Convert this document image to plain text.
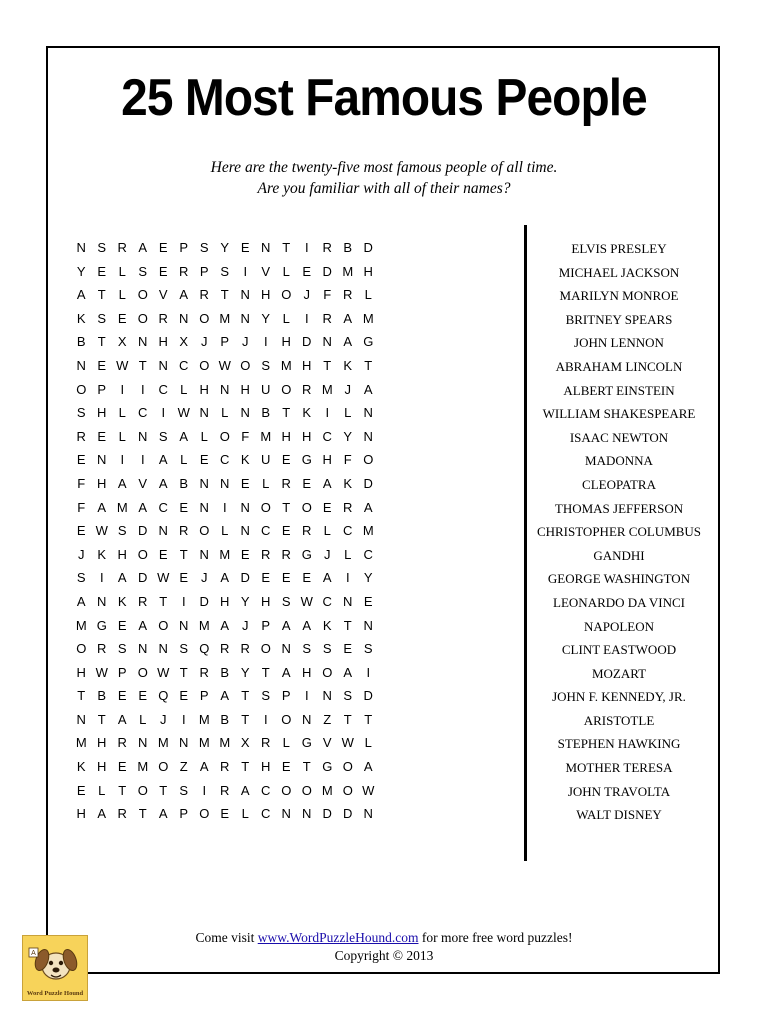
25 Most Famous People
Here are the twenty-five most famous people of all time.
Are you familiar with all of their names?
N S R A E P S Y E N T	I	R B D
Y E L S E R P S	I	V L E D M H
A T L O V A R T N H O J	F R L
K S E O R N O M N Y L	I	R A M
B T X N H X J P J	I	H D N A G
N E W T N C O W O S M H T K T
O P	I	I	C L H N H U O R M J A
S H L C	I W N L N B T K	I	L N
R E L N S A L O F M H H C Y N
E N	I	I	A L E C K U E G H F O
F H A V A B N N E L R E A K D
F A M A C E N	I	N O T O E R A
E W S D N R O L N C E R L C M
J K H O E T N M E R R G J	L C
S	I	A D W E J A D E E E A	I	Y
A N K R T	I	D H Y H S W C N E
M G E A O N M A J P A A K T N
O R S N N S Q R R O N S S E S
H W P O W T R B Y T A H O A	I
T B E E Q E P A T S P	I	N S D
N T A L	J	I	M B T	I	O N Z T T
M H R N M N M M X R L G V W L
K H E M O Z A R T H E T G O A
E L T O T S	I	R A C O O M O W
H A R T A P O E L C N N D D N
ELVIS PRESLEY
MICHAEL JACKSON
MARILYN MONROE
BRITNEY SPEARS
JOHN LENNON
ABRAHAM LINCOLN
ALBERT EINSTEIN
WILLIAM SHAKESPEARE
ISAAC NEWTON
MADONNA
CLEOPATRA
THOMAS JEFFERSON
CHRISTOPHER COLUMBUS
GANDHI
GEORGE WASHINGTON
LEONARDO DA VINCI
NAPOLEON
CLINT EASTWOOD
MOZART
JOHN F. KENNEDY, JR.
ARISTOTLE
STEPHEN HAWKING
MOTHER TERESA
JOHN TRAVOLTA
WALT DISNEY
Come visit www.WordPuzzleHound.com for more free word puzzles!
Copyright © 2013
A
Word Puzzle Hound
